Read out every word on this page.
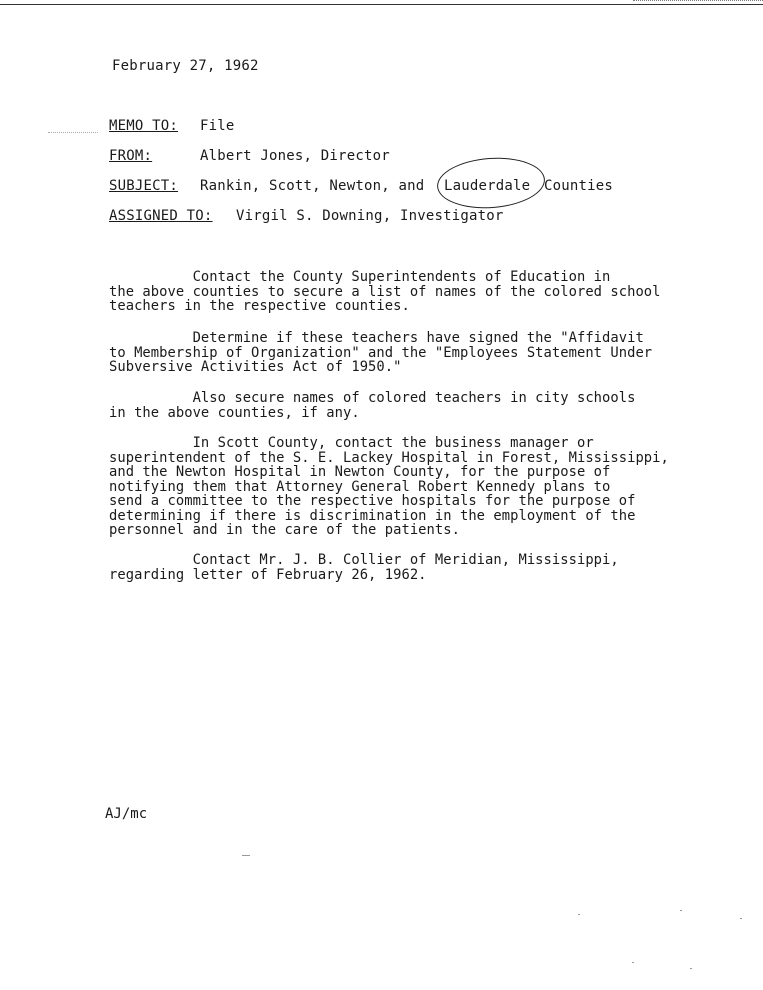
February 27, 1962
MEMO TO: File
FROM:	Albert Jones, Director
SUBJECT: Rankin, Scott, Newton, and Lauderdale Counties
ASSIGNED TO: Virgil S. Downing, Investigator
Contact the County Superintendents of Education in
the above counties to secure a list of names of the colored school
teachers in the respective counties.
Determine if these teachers have signed the "Affidavit
to Membership of Organization" and the "Employees Statement Under
Subversive Activities Act of 1950."
Also secure names of colored teachers in city schools
in the above counties, if any.
In Scott County, contact the business manager or
superintendent of the S. E. Lackey Hospital in Forest, Mississippi,
and the Newton Hospital in Newton County, for the purpose of
notifying them that Attorney General Robert Kennedy plans to
send a committee to the respective hospitals for the purpose of
determining if there is discrimination in the employment of the
personnel and in the care of the patients.
Contact Mr. J. B. Collier of Meridian, Mississippi,
regarding letter of February 26, 1962.
AJ/mc
